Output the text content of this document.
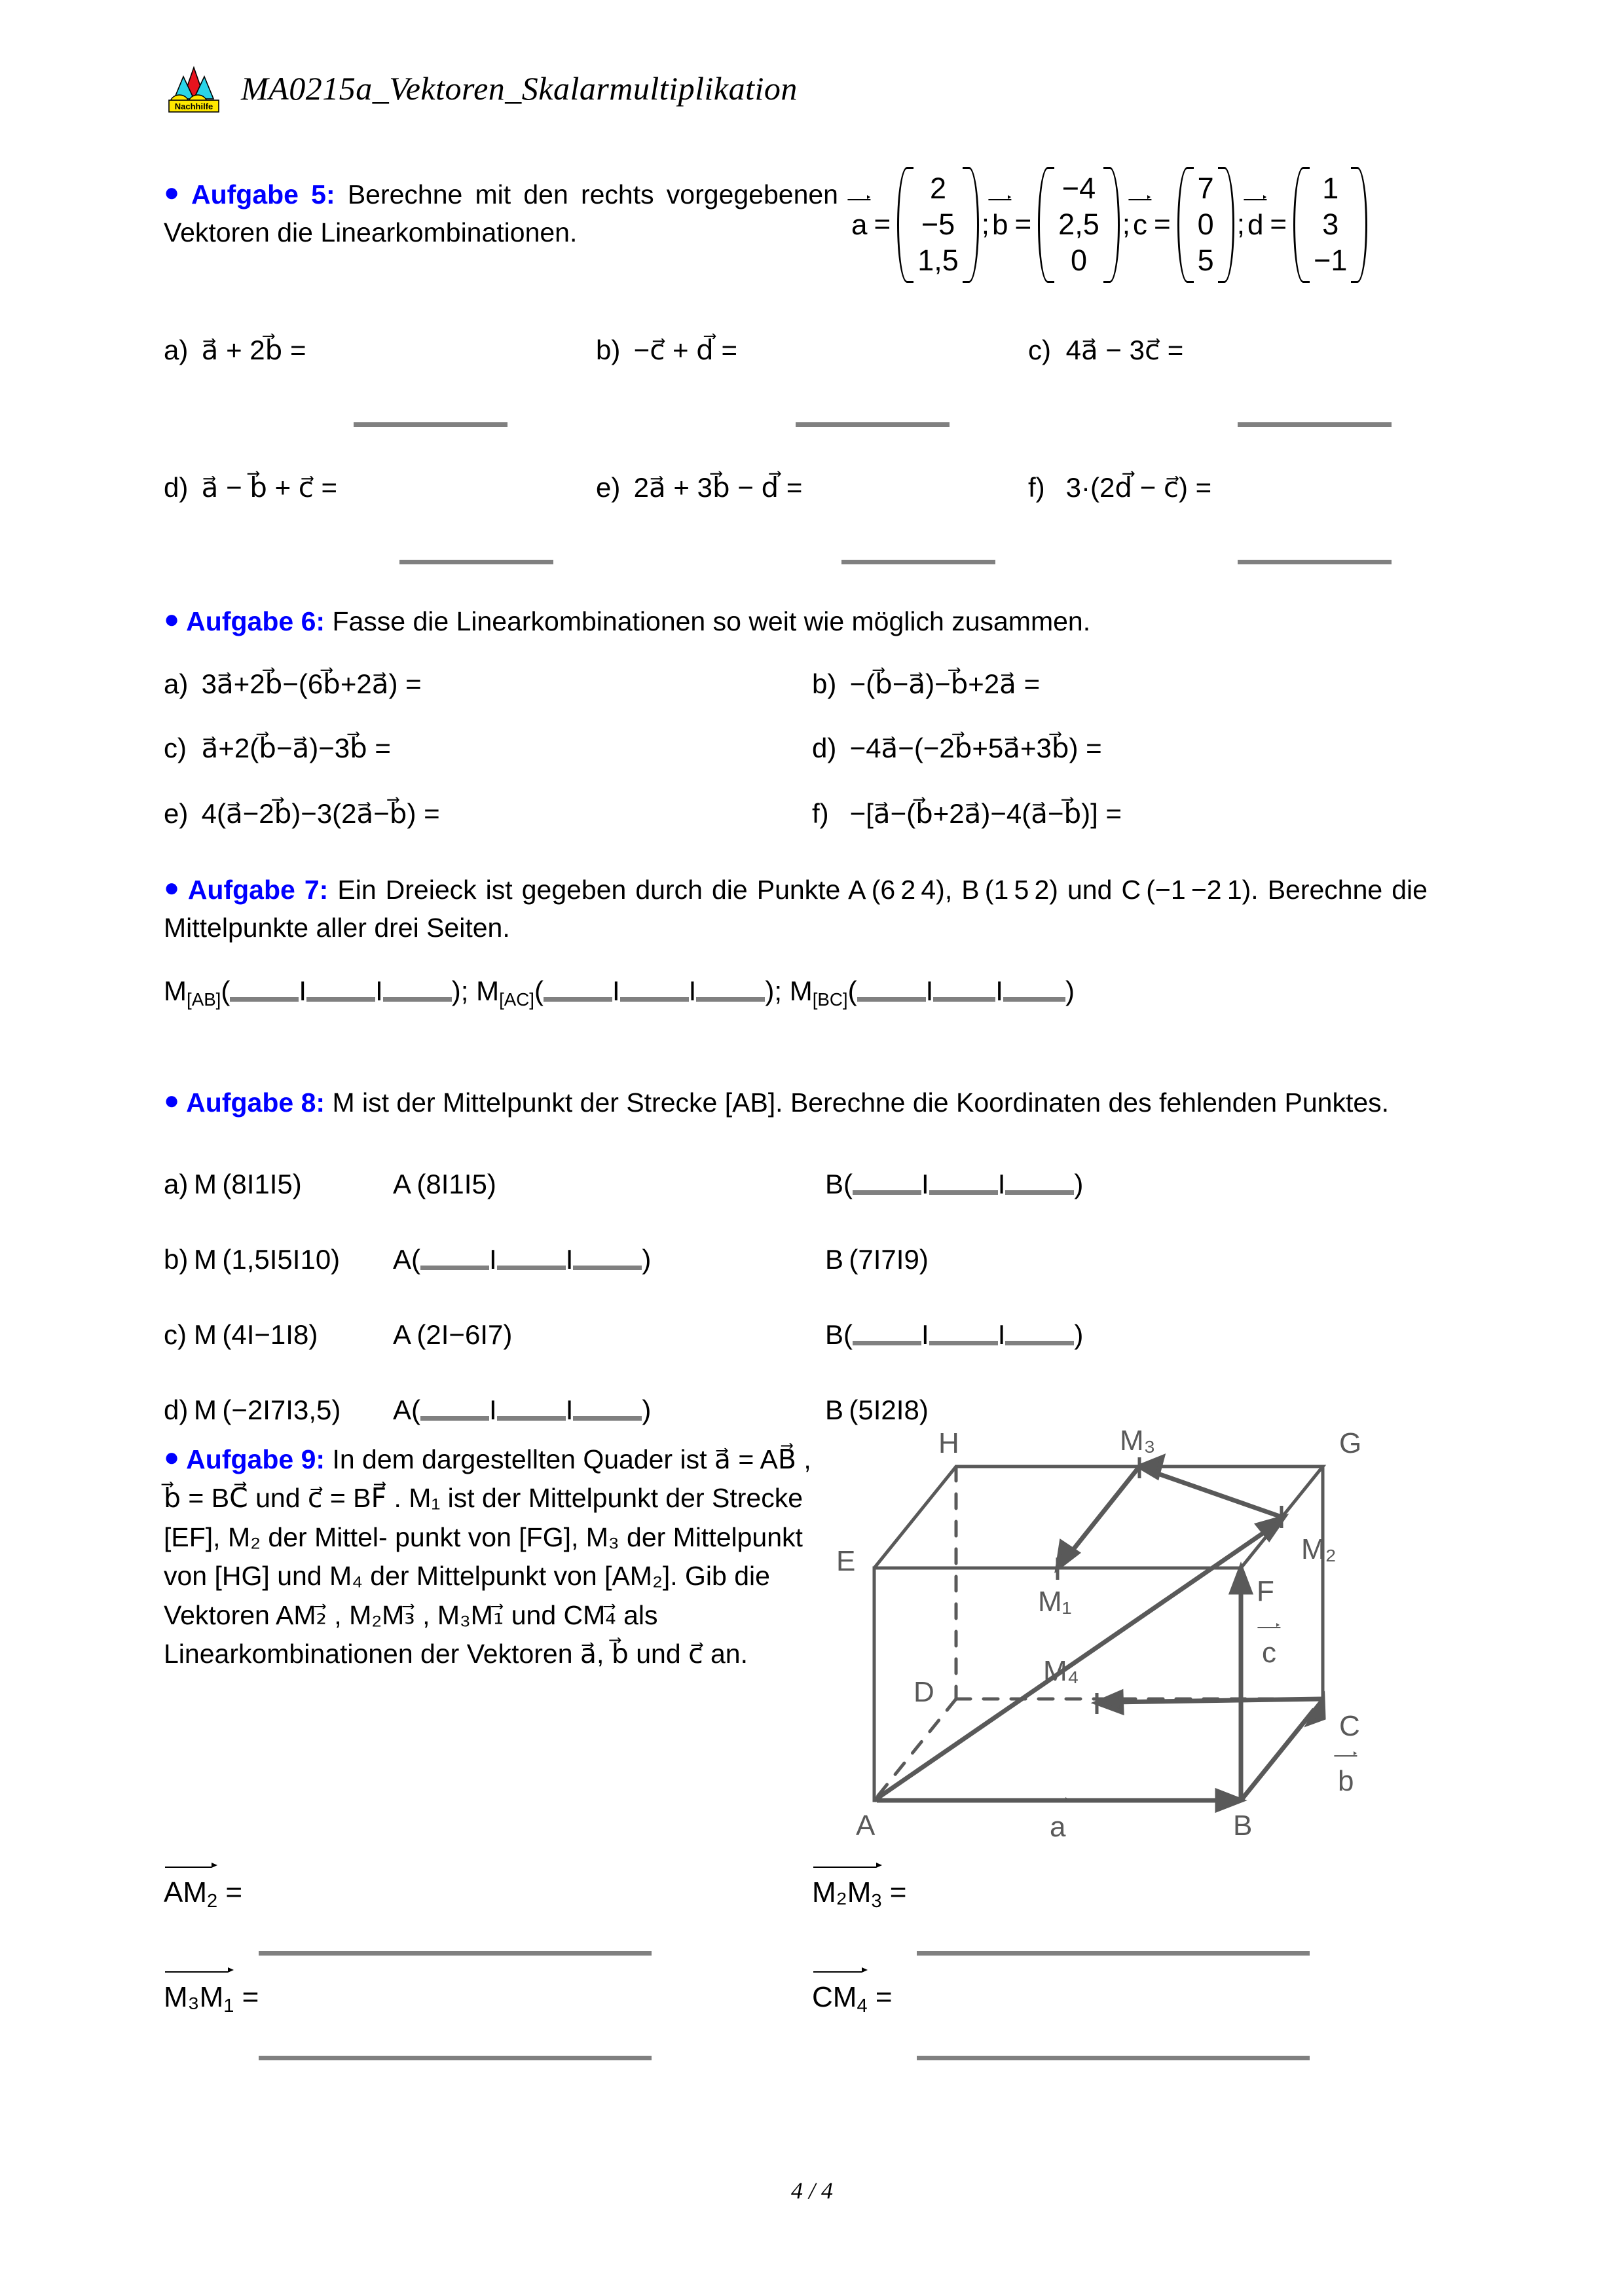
Nachhilfe MA0215a_Vektoren_Skalarmultiplikation
● Aufgabe 5: Berechne mit den rechts vorgegebenen Vektoren die Linearkombinationen.	a =
2
−5
1,5
; b =
−4
2,5
0
; c =
7
0
5
; d =
1
3
−1
a) a⃗ + 2b⃗ =	b) −c⃗ + d⃗ =	c) 4a⃗ − 3c⃗ =
d) a⃗ − b⃗ + c⃗ =	e) 2a⃗ + 3b⃗ − d⃗ =	f) 3·(2d⃗ − c⃗) =
● Aufgabe 6: Fasse die Linearkombinationen so weit wie möglich zusammen.
a) 3a⃗+2b⃗−(6b⃗+2a⃗) =	b) −(b⃗−a⃗)−b⃗+2a⃗ =
c) a⃗+2(b⃗−a⃗)−3b⃗ =	d) −4a⃗−(−2b⃗+5a⃗+3b⃗) =
e) 4(a⃗−2b⃗)−3(2a⃗−b⃗) =	f) −[a⃗−(b⃗+2a⃗)−4(a⃗−b⃗)] =
● Aufgabe 7: Ein Dreieck ist gegeben durch die Punkte A (6 2 4), B (1 5 2) und C (−1 −2 1). Berechne die Mittelpunkte aller drei Seiten.
$M_{[AB]}$(	I	I	); $M_{[AC]}$(	I	I	); $M_{[BC]}$(	I I )
● Aufgabe 8: M ist der Mittelpunkt der Strecke [AB]. Berechne die Koordinaten des fehlenden Punktes.
a) M (8I1I5)	A (8I1I5)	B(	I	I	)
b) M (1,5I5I10)	A(	I	I	)	B (7I7I9)
c) M (4I−1I8)	A (2I−6I7)	B(	I	I	)
d) M (−2I7I3,5)	A(	I	I	)	B (5I2I8)
● Aufgabe 9: In dem dargestellten Quader ist a⃗ = AB⃗ , b⃗ = BC⃗ und c⃗ = BF⃗ . M₁ ist der Mittelpunkt der Strecke [EF], M₂ der Mittel- punkt von [FG], M₃ der Mittelpunkt von [HG] und M₄ der Mittelpunkt von [AM₂]. Gib die Vektoren AM₂⃗ , M₂M₃⃗ , M₃M₁⃗ und CM₄⃗ als Linearkombinationen der Vektoren a⃗, b⃗ und c⃗ an.
H	G
E
F
D
C
A	B
M₁
M₂
M₃
M₄
a
b
c
$AM_2$ =	$M_2M_3$ =
$M_3M_1$ =	$CM_4$ =
4 / 4
